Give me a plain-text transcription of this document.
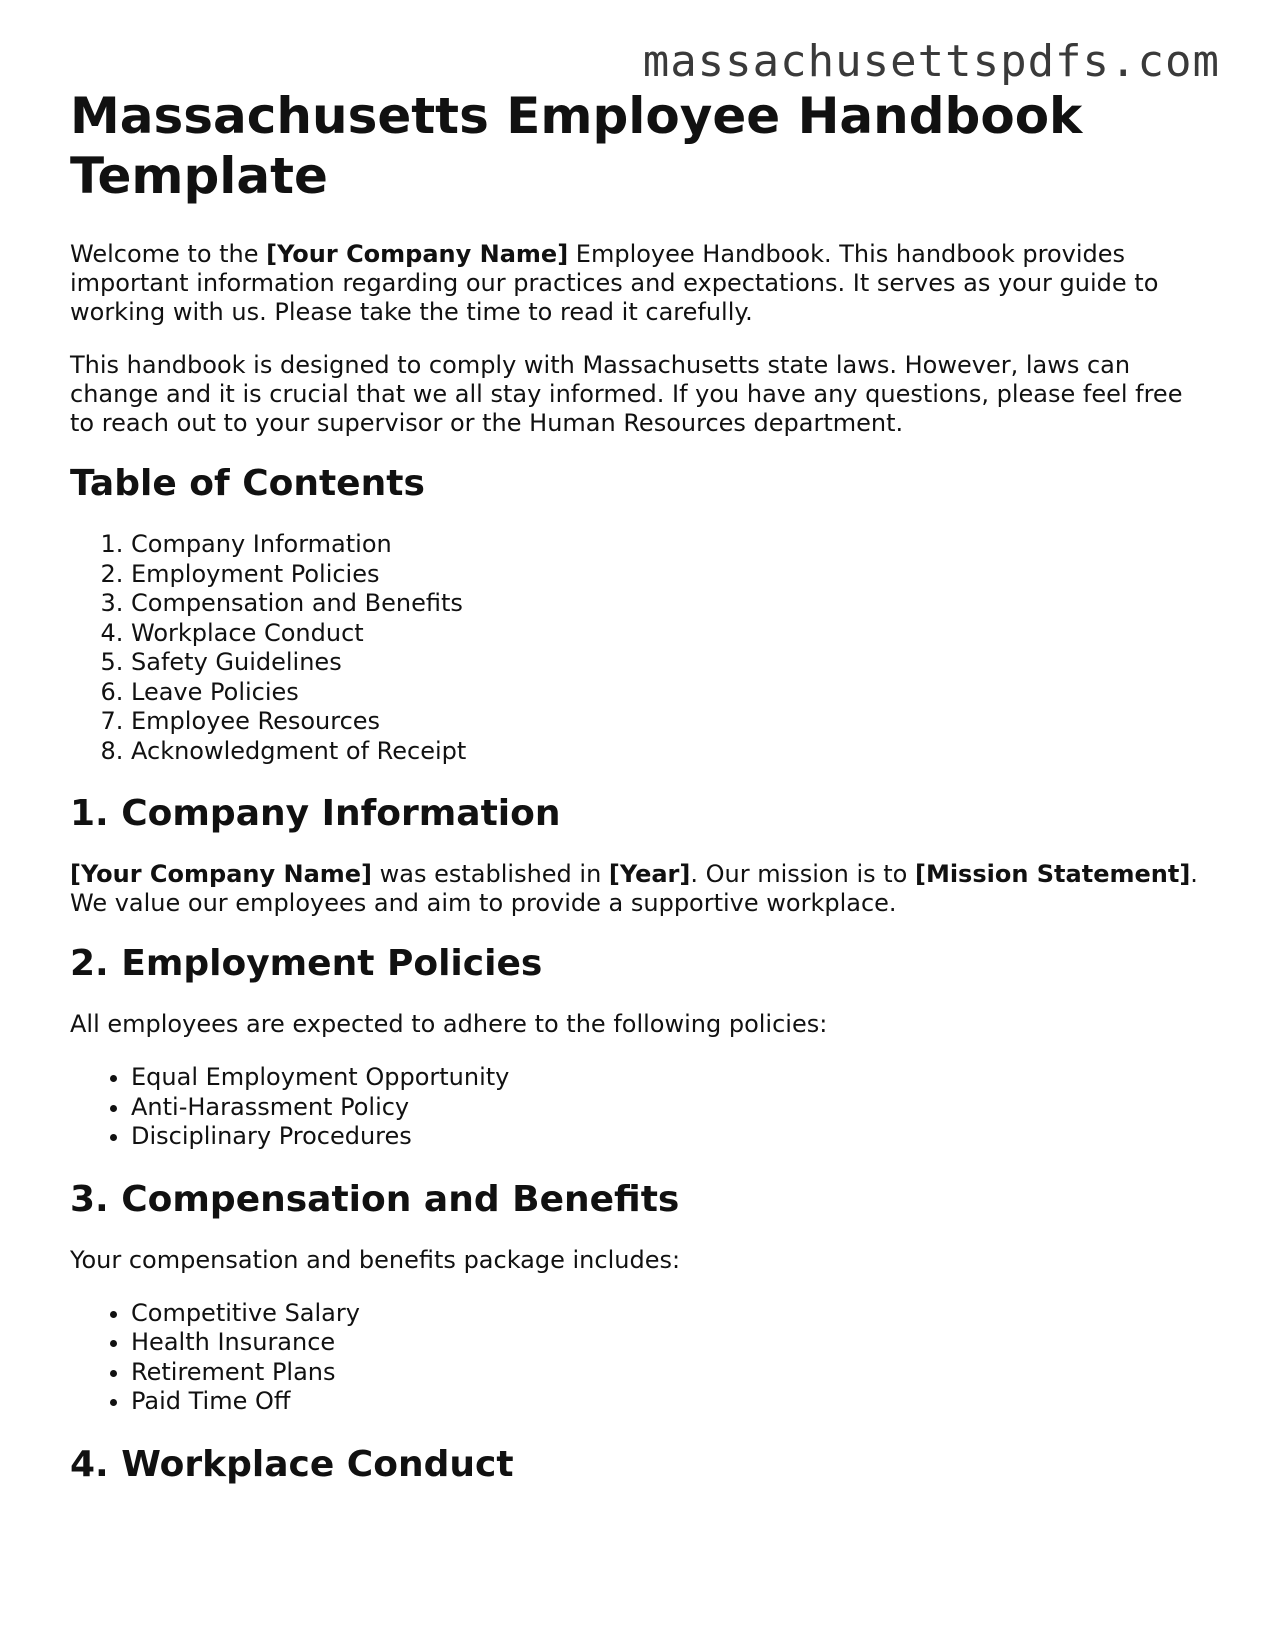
massachusettspdfs.com
Massachusetts Employee Handbook
Template

Welcome to the [Your Company Name] Employee Handbook. This handbook provides important information regarding our practices and expectations. It serves as your guide to working with us. Please take the time to read it carefully.

This handbook is designed to comply with Massachusetts state laws. However, laws can change and it is crucial that we all stay informed. If you have any questions, please feel free to reach out to your supervisor or the Human Resources department.

Table of Contents
1. Company Information
2. Employment Policies
3. Compensation and Benefits
4. Workplace Conduct
5. Safety Guidelines
6. Leave Policies
7. Employee Resources
8. Acknowledgment of Receipt
1. Company Information

[Your Company Name] was established in [Year]. Our mission is to [Mission Statement]. We value our employees and aim to provide a supportive workplace.

2. Employment Policies

All employees are expected to adhere to the following policies:

• Equal Employment Opportunity
• Anti-Harassment Policy
• Disciplinary Procedures
3. Compensation and Benefits

Your compensation and benefits package includes:

• Competitive Salary
• Health Insurance
• Retirement Plans
• Paid Time Off
4. Workplace Conduct
